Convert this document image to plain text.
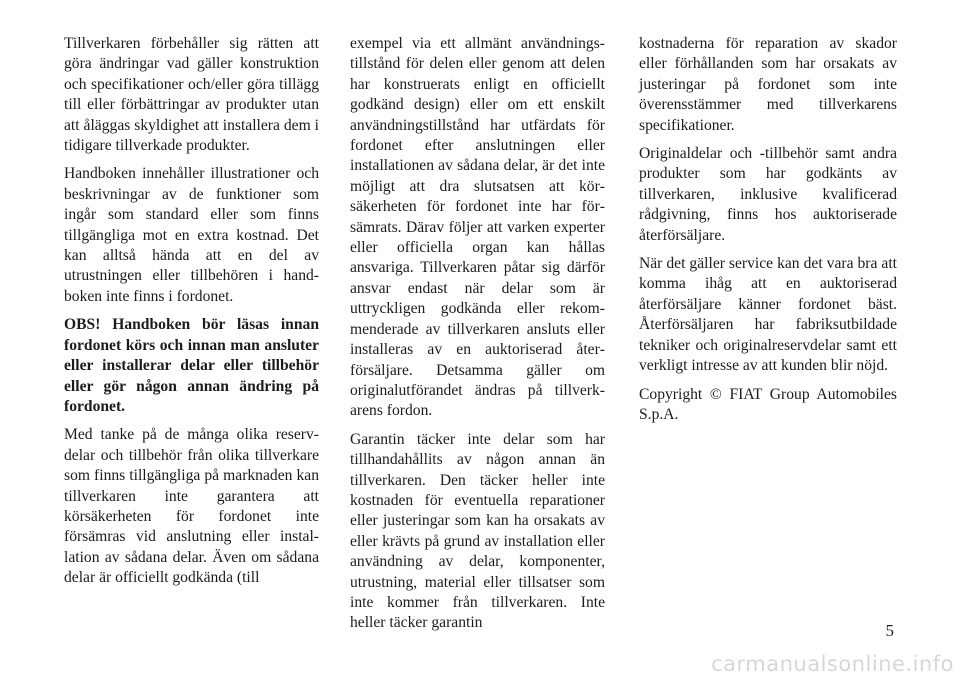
Tillverkaren förbehåller sig rätten att göra ändringar vad gäller konstruktion och specifikationer och/eller göra tillägg till eller förbättringar av produkter utan att åläggas skyldighet att installera dem i tidigare tillverkade produkter.

Handboken innehåller illustrationer och beskrivningar av de funktioner som ingår som standard eller som finns tillgängliga mot en extra kostnad. Det kan alltså hända att en del av utrustningen eller tillbehören i handboken inte finns i fordonet.

OBS! Handboken bör läsas innan fordonet körs och innan man ansluter eller installerar delar eller tillbehör eller gör någon annan ändring på fordonet.

Med tanke på de många olika reservdelar och tillbehör från olika tillverkare som finns tillgängliga på marknaden kan tillverkaren inte garantera att körsäkerheten för fordonet inte försämras vid anslutning eller installation av sådana delar. Även om sådana delar är officiellt godkända (till

exempel via ett allmänt användningstillstånd för delen eller genom att delen har konstruerats enligt en officiellt godkänd design) eller om ett enskilt användningstillstånd har utfärdats för fordonet efter anslutningen eller installationen av sådana delar, är det inte möjligt att dra slutsatsen att körsäkerheten för fordonet inte har försämrats. Därav följer att varken experter eller officiella organ kan hållas ansvariga. Tillverkaren påtar sig därför ansvar endast när delar som är uttryckligen godkända eller rekommenderade av tillverkaren ansluts eller installeras av en auktoriserad återförsäljare. Detsamma gäller om originalutförandet ändras på tillverkarens fordon.

Garantin täcker inte delar som har tillhandahållits av någon annan än tillverkaren. Den täcker heller inte kostnaden för eventuella reparationer eller justeringar som kan ha orsakats av eller krävts på grund av installation eller användning av delar, komponenter, utrustning, material eller tillsatser som inte kommer från tillverkaren. Inte heller täcker garantin

kostnaderna för reparation av skador eller förhållanden som har orsakats av justeringar på fordonet som inte överensstämmer med tillverkarens specifikationer.

Originaldelar och -tillbehör samt andra produkter som har godkänts av tillverkaren, inklusive kvalificerad rådgivning, finns hos auktoriserade återförsäljare.

När det gäller service kan det vara bra att komma ihåg att en auktoriserad återförsäljare känner fordonet bäst. Återförsäljaren har fabriksutbildade tekniker och originalreservdelar samt ett verkligt intresse av att kunden blir nöjd.

Copyright © FIAT Group Automobiles S.p.A.

5
carmanualsonline.info
